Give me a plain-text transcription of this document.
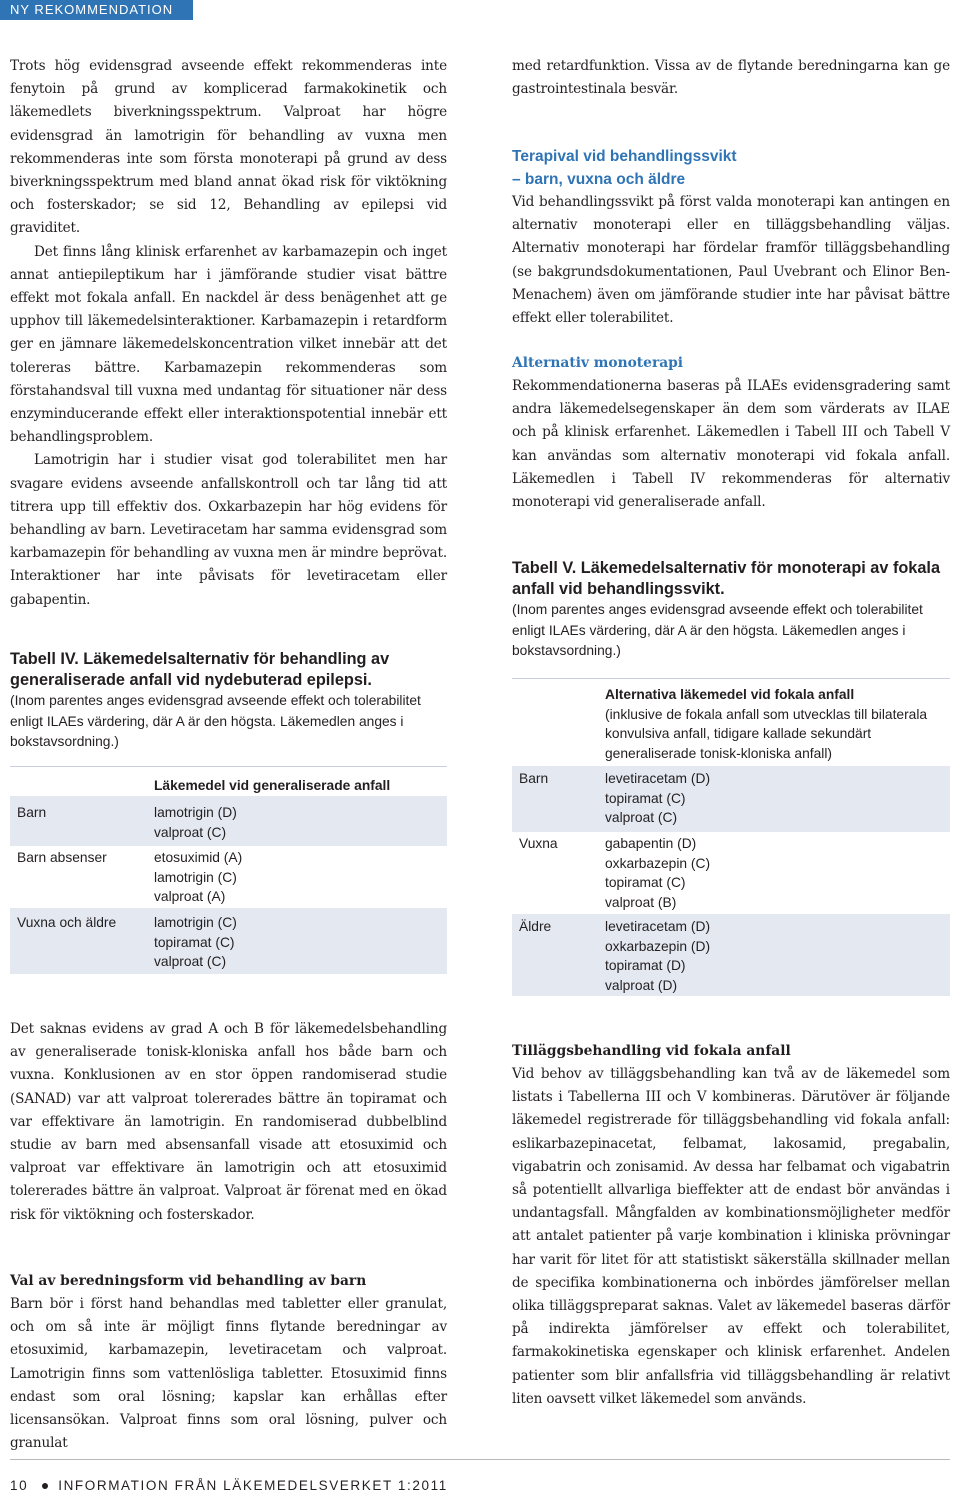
NY REKOMMENDATION

Trots hög evidensgrad avseende effekt rekommenderas inte fenytoin på grund av komplicerad farmakokinetik och läkemedlets biverkningsspektrum. Valproat har högre evidensgrad än lamotrigin för behandling av vuxna men rekommenderas inte som första monoterapi på grund av dess biverkningsspektrum med bland annat ökad risk för viktökning och fosterskador; se sid 12, Behandling av epilepsi vid graviditet.

Det finns lång klinisk erfarenhet av karbamazepin och inget annat antiepileptikum har i jämförande studier visat bättre effekt mot fokala anfall. En nackdel är dess benägenhet att ge upphov till läkemedelsinteraktioner. Karbamazepin i retardform ger en jämnare läkemedelskoncentration vilket innebär att det tolereras bättre. Karbamazepin rekommenderas som förstahandsval till vuxna med undantag för situationer när dess enzyminducerande effekt eller interaktionspotential innebär ett behandlingsproblem.

Lamotrigin har i studier visat god tolerabilitet men har svagare evidens avseende anfallskontroll och tar lång tid att titrera upp till effektiv dos. Oxkarbazepin har hög evidens för behandling av barn. Levetiracetam har samma evidensgrad som karbamazepin för behandling av vuxna men är mindre beprövat. Interaktioner har inte påvisats för levetiracetam eller gabapentin.

Tabell IV. Läkemedelsalternativ för behandling av generaliserade anfall vid nydebuterad epilepsi.
(Inom parentes anges evidensgrad avseende effekt och tolerabilitet enligt ILAEs värdering, där A är den högsta. Läkemedlen anges i bokstavsordning.)
Läkemedel vid generaliserade anfall
Barn	lamotrigin (D)
valproat (C)
Barn absenser	etosuximid (A)
lamotrigin (C)
valproat (A)
Vuxna och äldre	lamotrigin (C)
topiramat (C)
valproat (C)

Det saknas evidens av grad A och B för läkemedelsbehandling av generaliserade tonisk-kloniska anfall hos både barn och vuxna. Konklusionen av en stor öppen randomiserad studie (SANAD) var att valproat tolererades bättre än topiramat och var effektivare än lamotrigin. En randomiserad dubbelblind studie av barn med absensanfall visade att etosuximid och valproat var effektivare än lamotrigin och att etosuximid tolererades bättre än valproat. Valproat är förenat med en ökad risk för viktökning och fosterskador.

Val av beredningsform vid behandling av barn

Barn bör i först hand behandlas med tabletter eller granulat, och om så inte är möjligt finns flytande beredningar av etosuximid, karbamazepin, levetiracetam och valproat. Lamotrigin finns som vattenlösliga tabletter. Etosuximid finns endast som oral lösning; kapslar kan erhållas efter licensansökan. Valproat finns som oral lösning, pulver och granulat

med retardfunktion. Vissa av de flytande beredningarna kan ge gastrointestinala besvär.

Terapival vid behandlingssvikt
– barn, vuxna och äldre

Vid behandlingssvikt på först valda monoterapi kan antingen en alternativ monoterapi eller en tilläggsbehandling väljas. Alternativ monoterapi har fördelar framför tilläggsbehandling (se bakgrundsdokumentationen, Paul Uvebrant och Elinor Ben-Menachem) även om jämförande studier inte har påvisat bättre effekt eller tolerabilitet.

Alternativ monoterapi

Rekommendationerna baseras på ILAEs evidensgradering samt andra läkemedelsegenskaper än dem som värderats av ILAE och på klinisk erfarenhet. Läkemedlen i Tabell III och Tabell V kan användas som alternativ monoterapi vid fokala anfall. Läkemedlen i Tabell IV rekommenderas för alternativ monoterapi vid generaliserade anfall.

Tabell V. Läkemedelsalternativ för monoterapi av fokala anfall vid behandlingssvikt.
(Inom parentes anges evidensgrad avseende effekt och tolerabilitet enligt ILAEs värdering, där A är den högsta. Läkemedlen anges i bokstavsordning.)
Alternativa läkemedel vid fokala anfall
(inklusive de fokala anfall som utvecklas till bilaterala konvulsiva anfall, tidigare kallade sekundärt generaliserade tonisk-kloniska anfall)
Barn	levetiracetam (D)
topiramat (C)
valproat (C)
Vuxna	gabapentin (D)
oxkarbazepin (C)
topiramat (C)
valproat (B)
Äldre	levetiracetam (D)
oxkarbazepin (D)
topiramat (D)
valproat (D)
Tilläggsbehandling vid fokala anfall

Vid behov av tilläggsbehandling kan två av de läkemedel som listats i Tabellerna III och V kombineras. Därutöver är följande läkemedel registrerade för tilläggsbehandling vid fokala anfall: eslikarbazepinacetat, felbamat, lakosamid, pregabalin, vigabatrin och zonisamid. Av dessa har felbamat och vigabatrin så potentiellt allvarliga bieffekter att de endast bör användas i undantagsfall. Mångfalden av kombinationsmöjligheter medför att antalet patienter på varje kombination i kliniska prövningar har varit för litet för att statistiskt säkerställa skillnader mellan de specifika kombinationerna och inbördes jämförelser mellan olika tilläggspreparat saknas. Valet av läkemedel baseras därför på indirekta jämförelser av effekt och tolerabilitet, farmakokinetiska egenskaper och klinisk erfarenhet. Andelen patienter som blir anfallsfria vid tilläggsbehandling är relativt liten oavsett vilket läkemedel som används.

10 INFORMATION FRÅN LÄKEMEDELSVERKET 1:2011
